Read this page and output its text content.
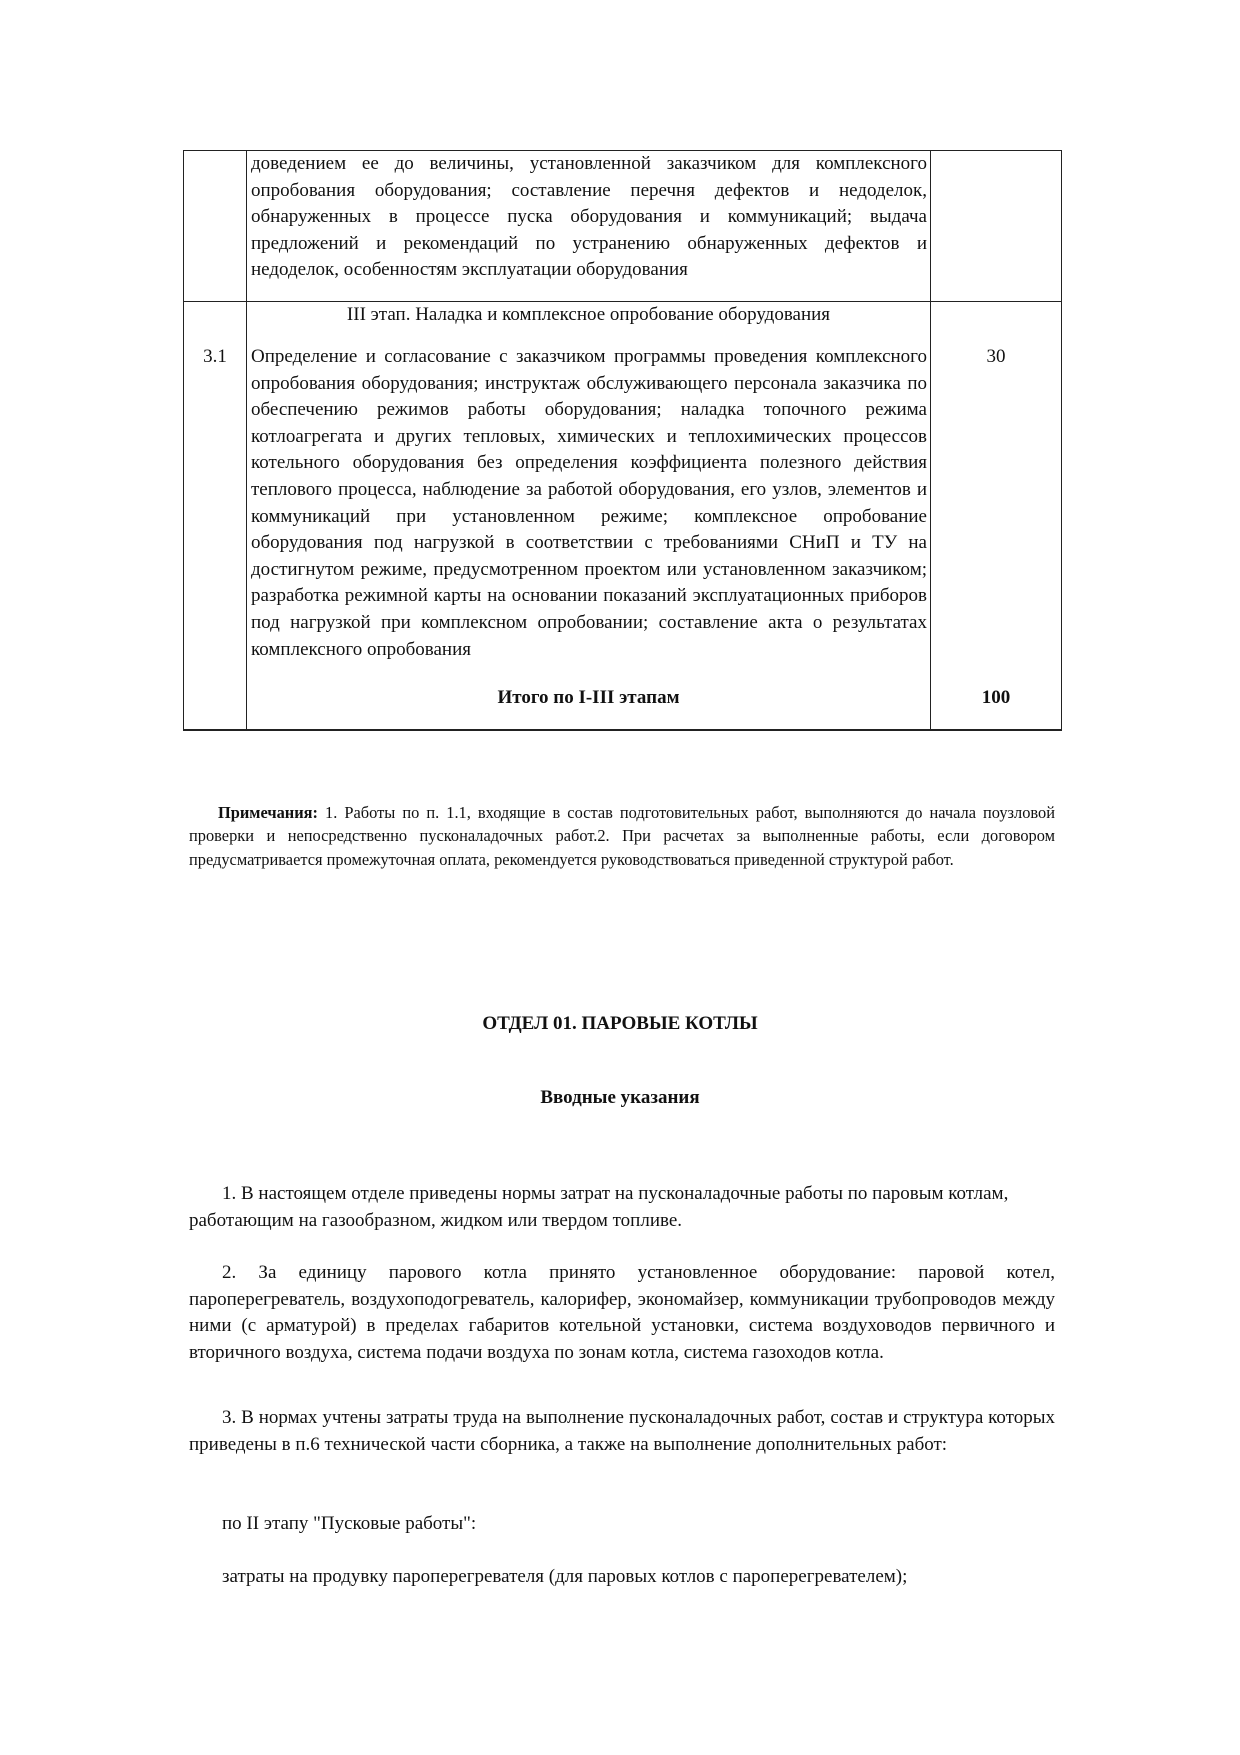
	доведением ее до величины, установленной заказчиком для комплексного опробования оборудования; составление перечня дефектов и недоделок, обнаруженных в процессе пуска оборудования и коммуникаций; выдача предложений и рекомендаций по устранению обнаруженных дефектов и недоделок, особенностям эксплуатации оборудования	
	III этап. Наладка и комплексное опробование оборудования	
3.1	Определение и согласование с заказчиком программы проведения комплексного опробования оборудования; инструктаж обслуживающего персонала заказчика по обеспечению режимов работы оборудования; наладка топочного режима котлоагрегата и других тепловых, химических и теплохимических процессов котельного оборудования без определения коэффициента полезного действия теплового процесса, наблюдение за работой оборудования, его узлов, элементов и коммуникаций при установленном режиме; комплексное опробование оборудования под нагрузкой в соответствии с требованиями СНиП и ТУ на достигнутом режиме, предусмотренном проектом или установленном заказчиком; разработка режимной карты на основании показаний эксплуатационных приборов под нагрузкой при комплексном опробовании; составление акта о результатах комплексного опробования	30
	Итого по I-III этапам	100

Примечания: 1. Работы по п. 1.1, входящие в состав подготовительных работ, выполняются до начала поузловой проверки и непосредственно пусконаладочных работ.2. При расчетах за выполненные работы, если договором предусматривается промежуточная оплата, рекомендуется руководствоваться приведенной структурой работ.

ОТДЕЛ 01. ПАРОВЫЕ КОТЛЫ
Вводные указания

1. В настоящем отделе приведены нормы затрат на пусконаладочные работы по паровым котлам, работающим на газообразном, жидком или твердом топливе.

2. За единицу парового котла принято установленное оборудование: паровой котел, пароперегреватель, воздухоподогреватель, калорифер, экономайзер, коммуникации трубопроводов между ними (с арматурой) в пределах габаритов котельной установки, система воздуховодов первичного и вторичного воздуха, система подачи воздуха по зонам котла, система газоходов котла.

3. В нормах учтены затраты труда на выполнение пусконаладочных работ, состав и структура которых приведены в п.6 технической части сборника, а также на выполнение дополнительных работ:

по II этапу "Пусковые работы":

затраты на продувку пароперегревателя (для паровых котлов с пароперегревателем);
